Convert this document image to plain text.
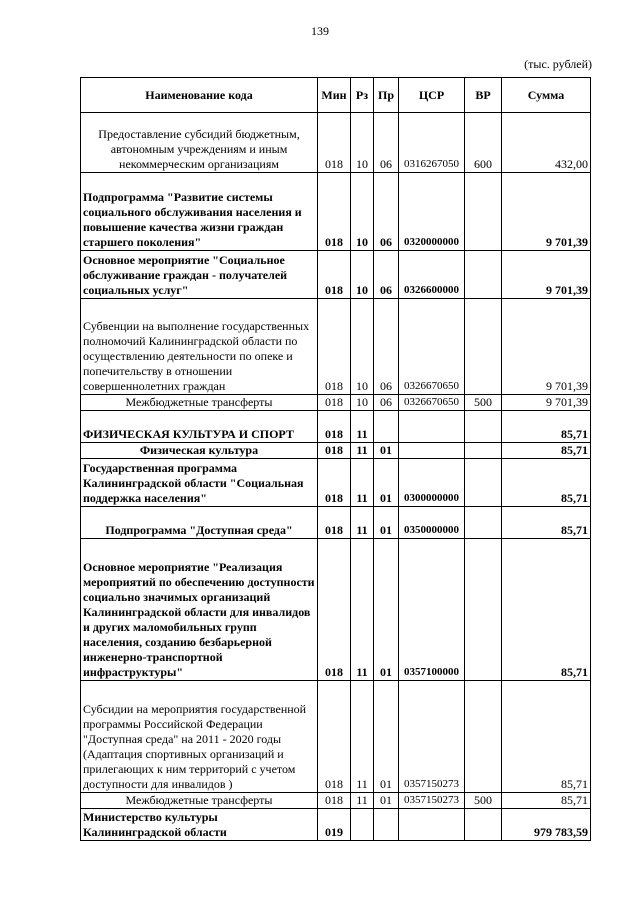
139
(тыс. рублей)
Наименование кода	Мин	Рз	Пр	ЦСР	ВР	Сумма

Предоставление субсидий бюджетным, автономным учреждениям и иным некоммерческим организациям	018	10	06	0316267050	600	432,00
Подпрограмма "Развитие системы социального обслуживания населения и повышение качества жизни граждан старшего поколения"	018	10	06	0320000000		9 701,39
Основное мероприятие "Социальное обслуживание граждан - получателей социальных услуг"	018	10	06	0326600000		9 701,39
Субвенции на выполнение государственных полномочий Калининградской области по осуществлению деятельности по опеке и попечительству в отношении совершеннолетних граждан	018	10	06	0326670650		9 701,39

Межбюджетные трансферты	018	10	06	0326670650	500	9 701,39
ФИЗИЧЕСКАЯ КУЛЬТУРА И СПОРТ	018	11				85,71

Физическая культура	018	11	01			85,71
Государственная программа Калининградской области "Социальная поддержка населения"	018	11	01	0300000000		85,71

Подпрограмма "Доступная среда"	018	11	01	0350000000		85,71
Основное мероприятие "Реализация мероприятий по обеспечению доступности социально значимых организаций Калининградской области для инвалидов и других маломобильных групп населения, созданию безбарьерной инженерно-транспортной инфраструктуры"	018	11	01	0357100000		85,71
Субсидии на мероприятия государственной программы Российской Федерации "Доступная среда" на 2011 - 2020 годы (Адаптация спортивных организаций и прилегающих к ним территорий с учетом доступности для инвалидов )	018	11	01	0357150273		85,71

Межбюджетные трансферты	018	11	01	0357150273	500	85,71
Министерство культуры Калининградской области	019					979 783,59
